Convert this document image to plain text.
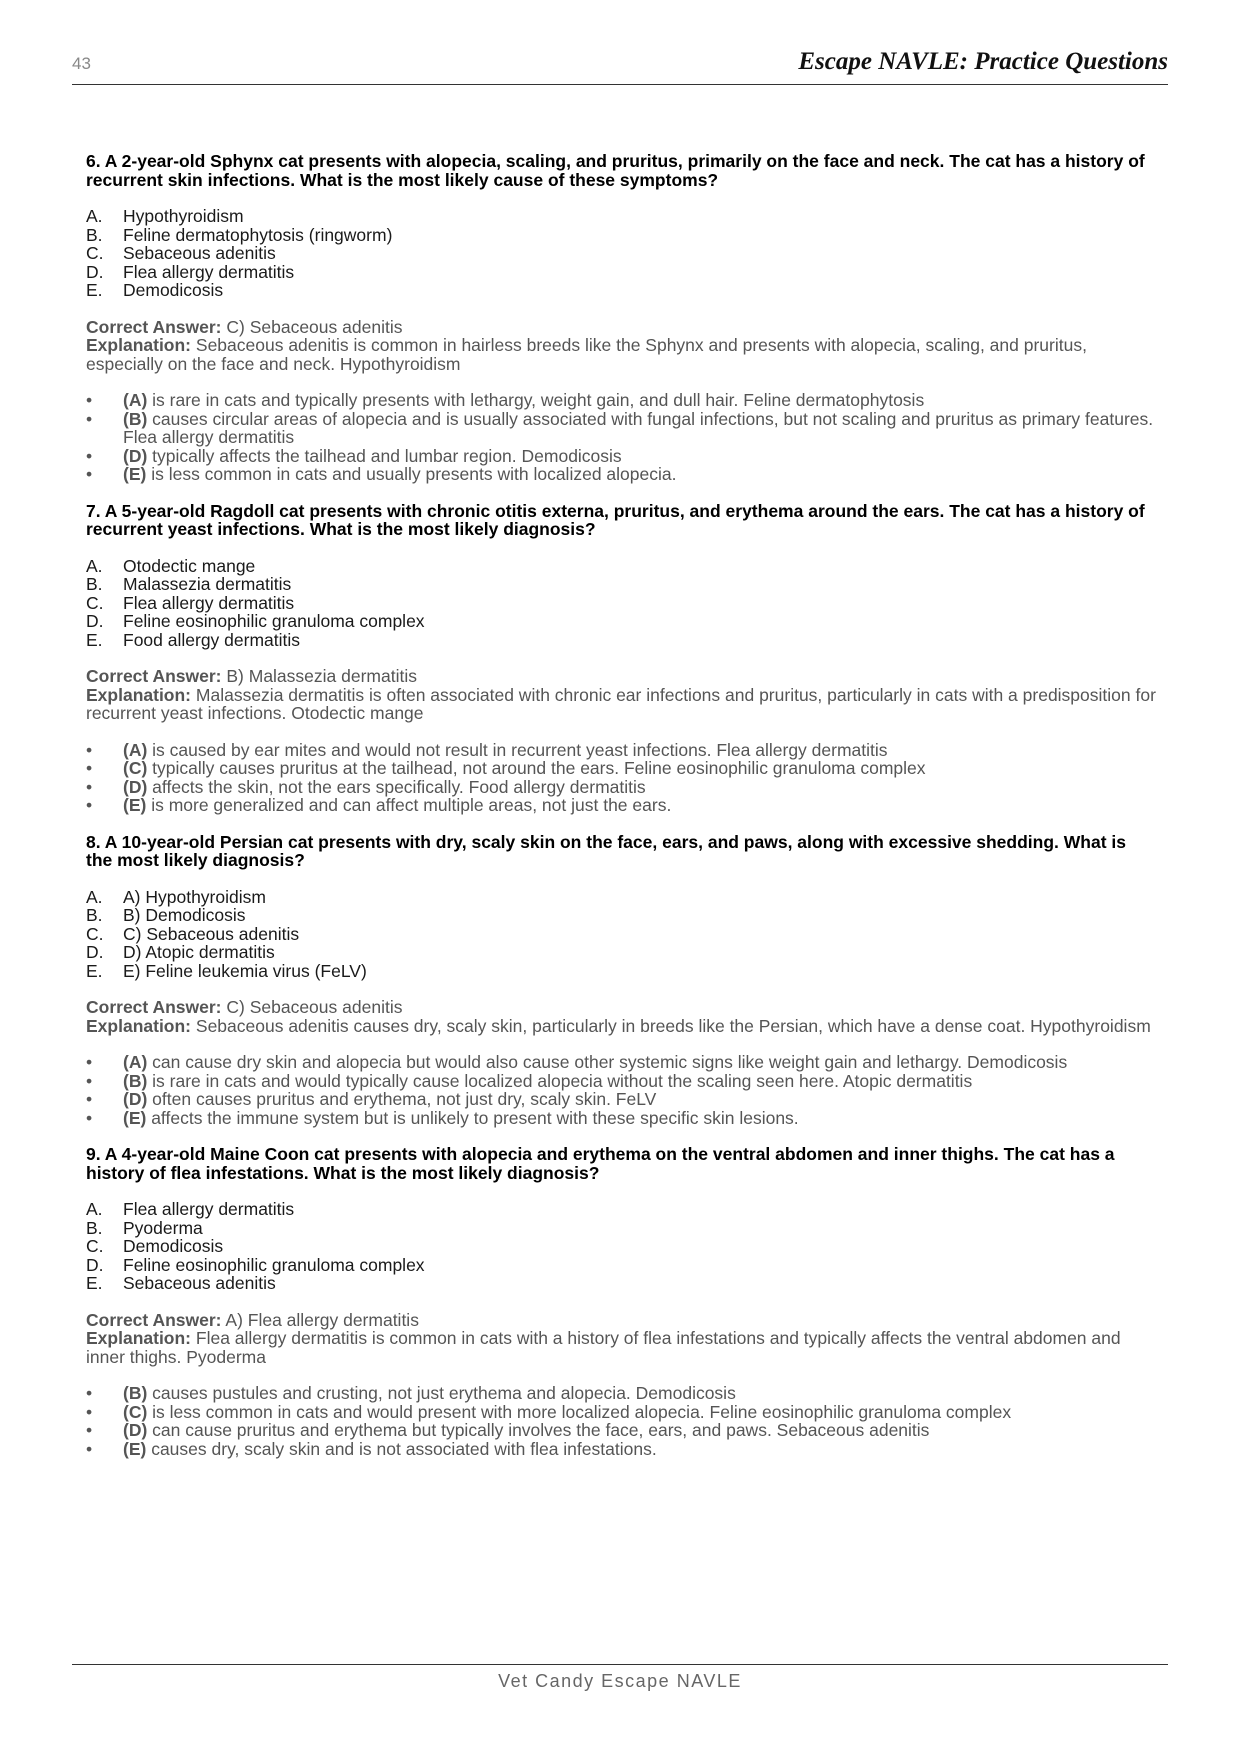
43	Escape NAVLE: Practice Questions
6. A 2-year-old Sphynx cat presents with alopecia, scaling, and pruritus, primarily on the face and neck. The cat has a history of recurrent skin infections. What is the most likely cause of these symptoms?
A.	Hypothyroidism
B.	Feline dermatophytosis (ringworm)
C.	Sebaceous adenitis
D.	Flea allergy dermatitis
E.	Demodicosis
Correct Answer: C) Sebaceous adenitis
Explanation: Sebaceous adenitis is common in hairless breeds like the Sphynx and presents with alopecia, scaling, and pruritus, especially on the face and neck. Hypothyroidism
•	(A) is rare in cats and typically presents with lethargy, weight gain, and dull hair. Feline dermatophytosis
•	(B) causes circular areas of alopecia and is usually associated with fungal infections, but not scaling and pruritus as primary features. Flea allergy dermatitis
•	(D) typically affects the tailhead and lumbar region. Demodicosis
•	(E) is less common in cats and usually presents with localized alopecia.
7. A 5-year-old Ragdoll cat presents with chronic otitis externa, pruritus, and erythema around the ears. The cat has a history of recurrent yeast infections. What is the most likely diagnosis?
A.	Otodectic mange
B.	Malassezia dermatitis
C.	Flea allergy dermatitis
D.	Feline eosinophilic granuloma complex
E.	Food allergy dermatitis
Correct Answer: B) Malassezia dermatitis
Explanation: Malassezia dermatitis is often associated with chronic ear infections and pruritus, particularly in cats with a predisposition for recurrent yeast infections. Otodectic mange
•	(A) is caused by ear mites and would not result in recurrent yeast infections. Flea allergy dermatitis
•	(C) typically causes pruritus at the tailhead, not around the ears. Feline eosinophilic granuloma complex
•	(D) affects the skin, not the ears specifically. Food allergy dermatitis
•	(E) is more generalized and can affect multiple areas, not just the ears.
8. A 10-year-old Persian cat presents with dry, scaly skin on the face, ears, and paws, along with excessive shedding. What is the most likely diagnosis?
A.	A) Hypothyroidism
B.	B) Demodicosis
C.	C) Sebaceous adenitis
D.	D) Atopic dermatitis
E.	E) Feline leukemia virus (FeLV)
Correct Answer: C) Sebaceous adenitis
Explanation: Sebaceous adenitis causes dry, scaly skin, particularly in breeds like the Persian, which have a dense coat. Hypothyroidism
•	(A) can cause dry skin and alopecia but would also cause other systemic signs like weight gain and lethargy. Demodicosis
•	(B) is rare in cats and would typically cause localized alopecia without the scaling seen here. Atopic dermatitis
•	(D) often causes pruritus and erythema, not just dry, scaly skin. FeLV
•	(E) affects the immune system but is unlikely to present with these specific skin lesions.
9. A 4-year-old Maine Coon cat presents with alopecia and erythema on the ventral abdomen and inner thighs. The cat has a history of flea infestations. What is the most likely diagnosis?
A.	Flea allergy dermatitis
B.	Pyoderma
C.	Demodicosis
D.	Feline eosinophilic granuloma complex
E.	Sebaceous adenitis
Correct Answer: A) Flea allergy dermatitis
Explanation: Flea allergy dermatitis is common in cats with a history of flea infestations and typically affects the ventral abdomen and inner thighs. Pyoderma
•	(B) causes pustules and crusting, not just erythema and alopecia. Demodicosis
•	(C) is less common in cats and would present with more localized alopecia. Feline eosinophilic granuloma complex
•	(D) can cause pruritus and erythema but typically involves the face, ears, and paws. Sebaceous adenitis
•	(E) causes dry, scaly skin and is not associated with flea infestations.
Vet Candy Escape NAVLE
